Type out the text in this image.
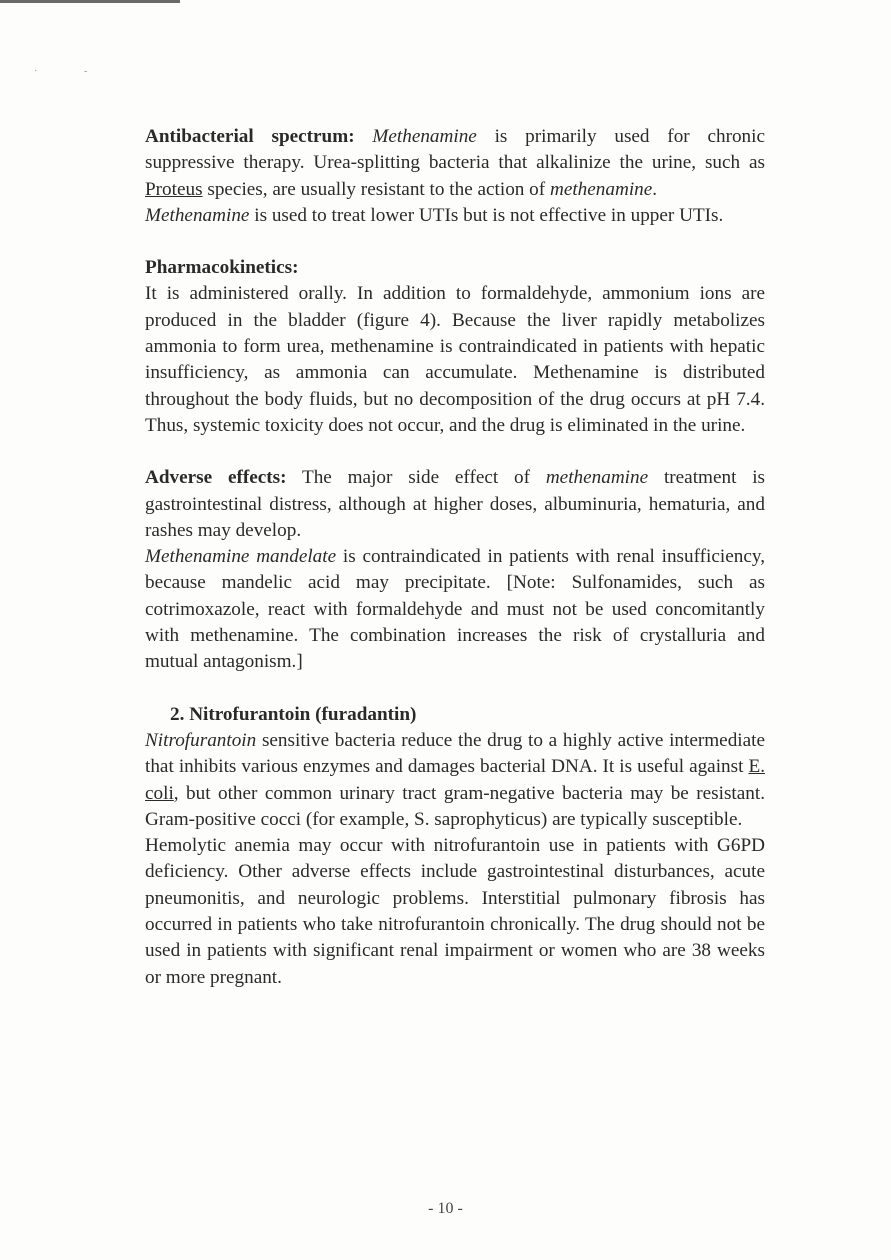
·	-

Antibacterial spectrum: Methenamine is primarily used for chronic suppressive therapy. Urea-splitting bacteria that alkalinize the urine, such as Proteus species, are usually resistant to the action of methenamine.
Methenamine is used to treat lower UTIs but is not effective in upper UTIs.

Pharmacokinetics:

It is administered orally. In addition to formaldehyde, ammonium ions are produced in the bladder (figure 4). Because the liver rapidly metabolizes ammonia to form urea, methenamine is contraindicated in patients with hepatic insufficiency, as ammonia can accumulate. Methenamine is distributed throughout the body fluids, but no decomposition of the drug occurs at pH 7.4. Thus, systemic toxicity does not occur, and the drug is eliminated in the urine.

Adverse effects: The major side effect of methenamine treatment is gastrointestinal distress, although at higher doses, albuminuria, hematuria, and rashes may develop.
Methenamine mandelate is contraindicated in patients with renal insufficiency, because mandelic acid may precipitate. [Note: Sulfonamides, such as cotrimoxazole, react with formaldehyde and must not be used concomitantly with methenamine. The combination increases the risk of crystalluria and mutual antagonism.]

2. Nitrofurantoin (furadantin)

Nitrofurantoin sensitive bacteria reduce the drug to a highly active intermediate that inhibits various enzymes and damages bacterial DNA. It is useful against E. coli, but other common urinary tract gram-negative bacteria may be resistant. Gram-positive cocci (for example, S. saprophyticus) are typically susceptible.

Hemolytic anemia may occur with nitrofurantoin use in patients with G6PD deficiency. Other adverse effects include gastrointestinal disturbances, acute pneumonitis, and neurologic problems. Interstitial pulmonary fibrosis has occurred in patients who take nitrofurantoin chronically. The drug should not be used in patients with significant renal impairment or women who are 38 weeks or more pregnant.

- 10 -
